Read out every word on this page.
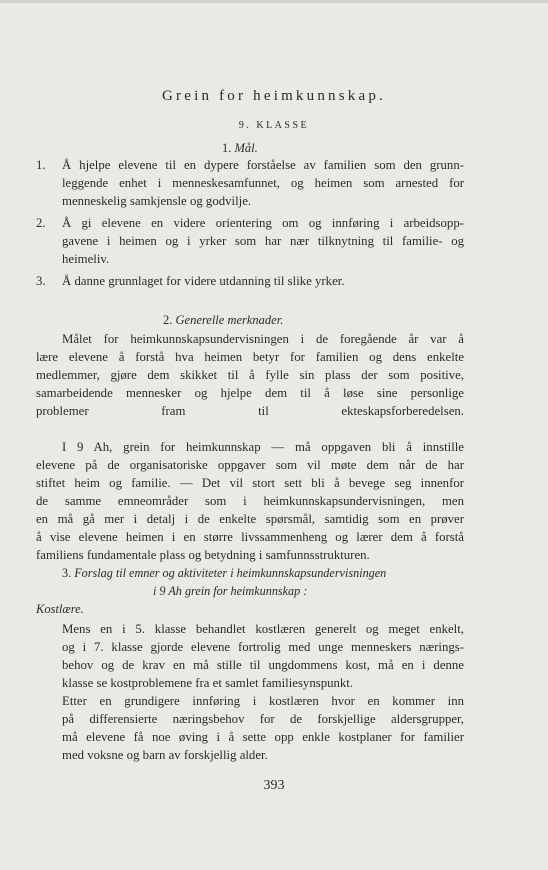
Grein for heimkunnskap.
9. KLASSE
1. Mål.
1. Å hjelpe elevene til en dypere forståelse av familien som den grunn-
leggende enhet i menneskesamfunnet, og heimen som arnested for
menneskelig samkjensle og godvilje.
2. Å gi elevene en videre orientering om og innføring i arbeidsopp-
gavene i heimen og i yrker som har nær tilknytning til familie- og
heimeliv.
3. Å danne grunnlaget for videre utdanning til slike yrker.
2. Generelle merknader.
Målet for heimkunnskapsundervisningen i de foregående år var å
lære elevene å forstå hva heimen betyr for familien og dens enkelte
medlemmer, gjøre dem skikket til å fylle sin plass der som positive,
samarbeidende mennesker og hjelpe dem til å løse sine personlige
problemer fram til ekteskapsforberedelsen.
I 9 Ah, grein for heimkunnskap — må oppgaven bli å innstille
elevene på de organisatoriske oppgaver som vil møte dem når de har
stiftet heim og familie. — Det vil stort sett bli å bevege seg innenfor
de samme emneområder som i heimkunnskapsundervisningen, men
en må gå mer i detalj i de enkelte spørsmål, samtidig som en prøver
å vise elevene heimen i en større livssammenheng og lærer dem å forstå
familiens fundamentale plass og betydning i samfunnsstrukturen.
3. Forslag til emner og aktiviteter i heimkunnskapsundervisningen
i 9 Ah grein for heimkunnskap :
Kostlære.
Mens en i 5. klasse behandlet kostlæren generelt og meget enkelt,
og i 7. klasse gjorde elevene fortrolig med unge menneskers nærings-
behov og de krav en må stille til ungdommens kost, må en i denne
klasse se kostproblemene fra et samlet familiesynspunkt.
Etter en grundigere innføring i kostlæren hvor en kommer inn
på differensierte næringsbehov for de forskjellige aldersgrupper,
må elevene få noe øving i å sette opp enkle kostplaner for familier
med voksne og barn av forskjellig alder.
393
